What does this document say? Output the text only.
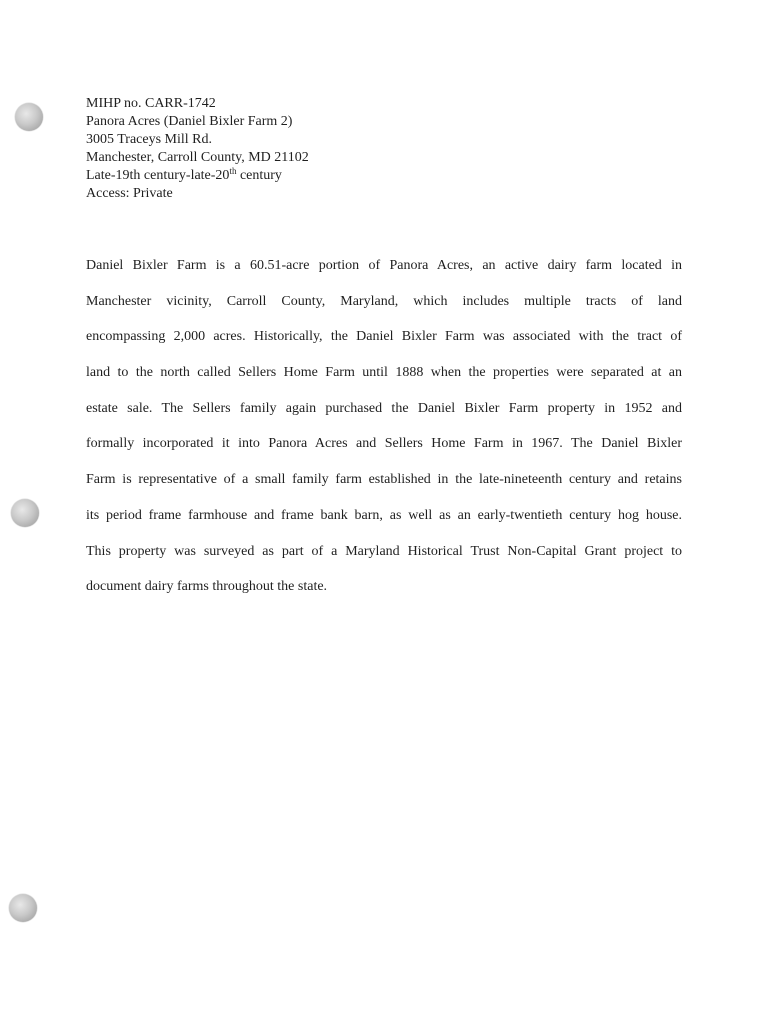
MIHP no. CARR-1742
Panora Acres (Daniel Bixler Farm 2)
3005 Traceys Mill Rd.
Manchester, Carroll County, MD 21102
Late-19th century-late-20th century
Access: Private
Daniel Bixler Farm is a 60.51-acre portion of Panora Acres, an active dairy farm located in
Manchester vicinity, Carroll County, Maryland, which includes multiple tracts of land
encompassing 2,000 acres. Historically, the Daniel Bixler Farm was associated with the tract of
land to the north called Sellers Home Farm until 1888 when the properties were separated at an
estate sale. The Sellers family again purchased the Daniel Bixler Farm property in 1952 and
formally incorporated it into Panora Acres and Sellers Home Farm in 1967. The Daniel Bixler
Farm is representative of a small family farm established in the late-nineteenth century and retains
its period frame farmhouse and frame bank barn, as well as an early-twentieth century hog house.
This property was surveyed as part of a Maryland Historical Trust Non-Capital Grant project to
document dairy farms throughout the state.
